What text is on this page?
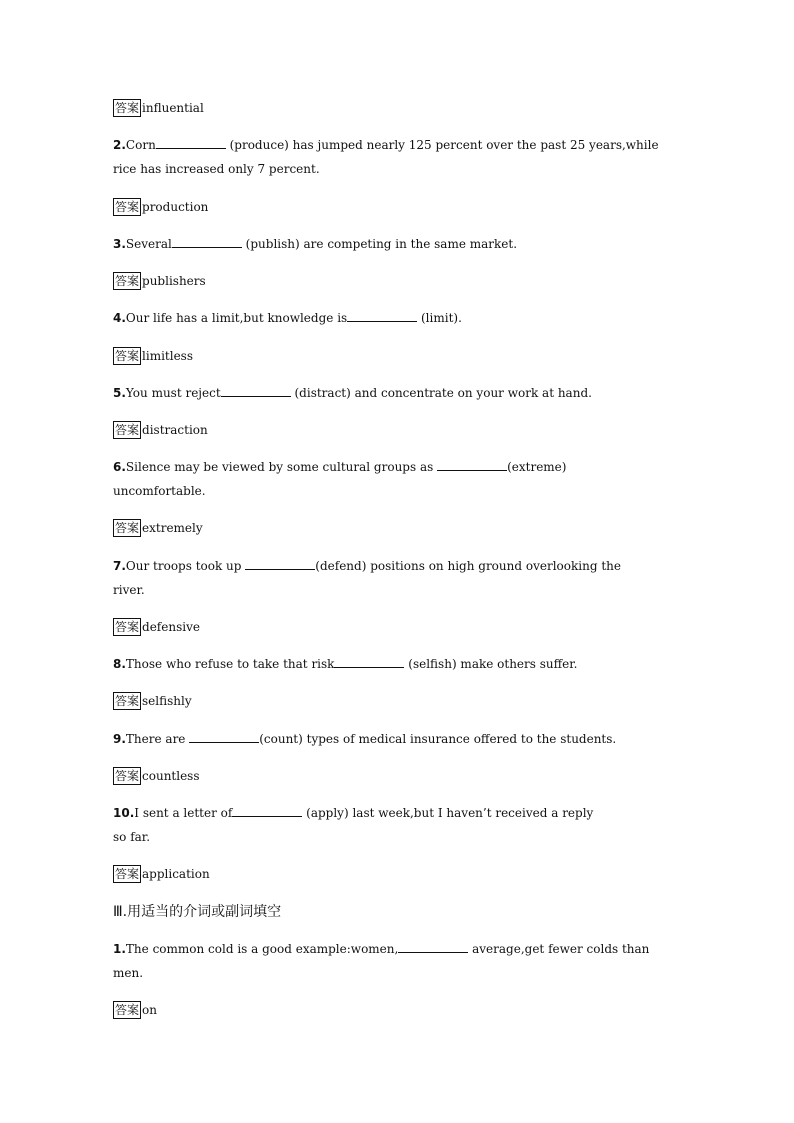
答案 influential
2.Corn	(produce) has jumped nearly 125 percent over the past 25 years,while
rice has increased only 7 percent.
答案 production
3.Several	(publish) are competing in the same market.
答案 publishers
4.Our life has a limit,but knowledge is	(limit).
答案 limitless
5.You must reject	(distract) and concentrate on your work at hand.
答案 distraction
6.Silence may be viewed by some cultural groups as	(extreme)
uncomfortable.
答案 extremely
7.Our troops took up	(defend) positions on high ground overlooking the
river.
答案 defensive
8.Those who refuse to take that risk	(selfish) make others suffer.
答案 selfishly
9.There are	(count) types of medical insurance offered to the students.
答案 countless
10.I sent a letter of	(apply) last week,but I haven’t received a reply
so far.
答案 application
Ⅲ.用适当的介词或副词填空
1.The common cold is a good example:women,	average,get fewer colds than
men.
答案 on
